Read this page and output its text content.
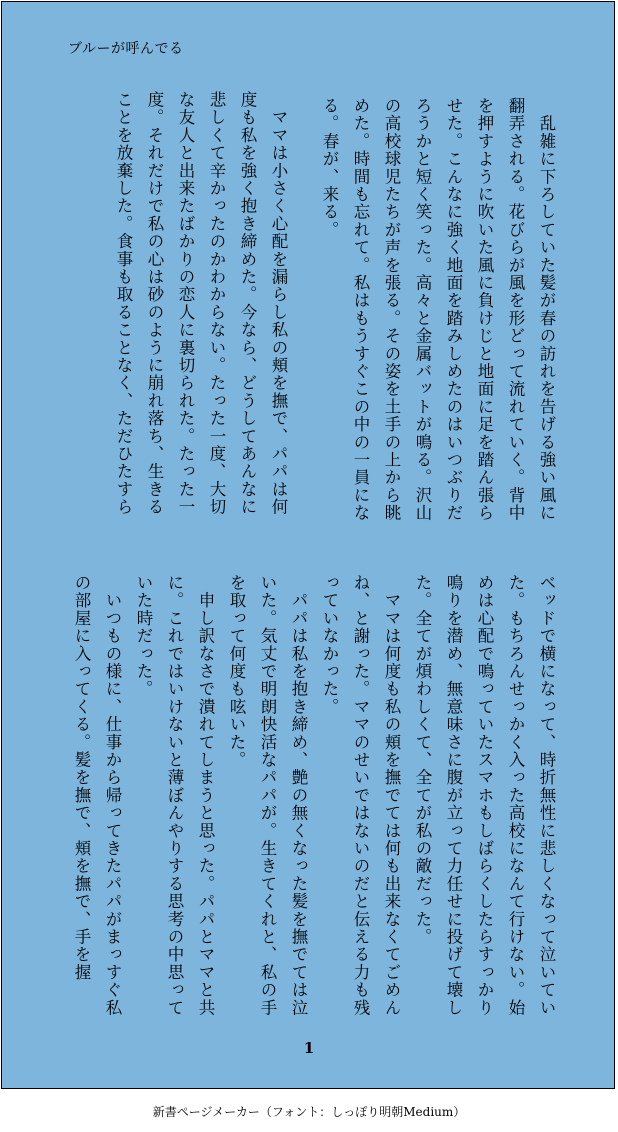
ブルーが呼んでる

　乱雑に下ろしていた髪が春の訪れを告げる強い風に翻弄される。花びらが風を形どって流れていく。背中を押すように吹いた風に負けじと地面に足を踏ん張らせた。こんなに強く地面を踏みしめたのはいつぶりだろうかと短く笑った。高々と金属バットが鳴る。沢山の高校球児たちが声を張る。その姿を土手の上から眺めた。時間も忘れて。私はもうすぐこの中の一員になる。春が、来る。

　ママは小さく心配を漏らし私の頬を撫で、パパは何度も私を強く抱き締めた。今なら、どうしてあんなに悲しくて辛かったのかわからない。たった一度、大切な友人と出来たばかりの恋人に裏切られた。たった一度。それだけで私の心は砂のように崩れ落ち、生きることを放棄した。食事も取ることなく、ただひたすら

ベッドで横になって、時折無性に悲しくなって泣いていた。もちろんせっかく入った高校になんて行けない。始めは心配で鳴っていたスマホもしばらくしたらすっかり鳴りを潜め、無意味さに腹が立って力任せに投げて壊した。全てが煩わしくて、全てが私の敵だった。

　ママは何度も私の頬を撫でては何も出来なくてごめんね、と謝った。ママのせいではないのだと伝える力も残っていなかった。

　パパは私を抱き締め、艶の無くなった髪を撫でては泣いた。気丈で明朗快活なパパが。生きてくれと、私の手を取って何度も呟いた。

　申し訳なさで潰れてしまうと思った。パパとママと共に。これではいけないと薄ぼんやりする思考の中思っていた時だった。

　いつもの様に、仕事から帰ってきたパパがまっすぐ私の部屋に入ってくる。髪を撫で、頬を撫で、手を握

1
新書ページメーカー（フォント：しっぽり明朝Medium）
